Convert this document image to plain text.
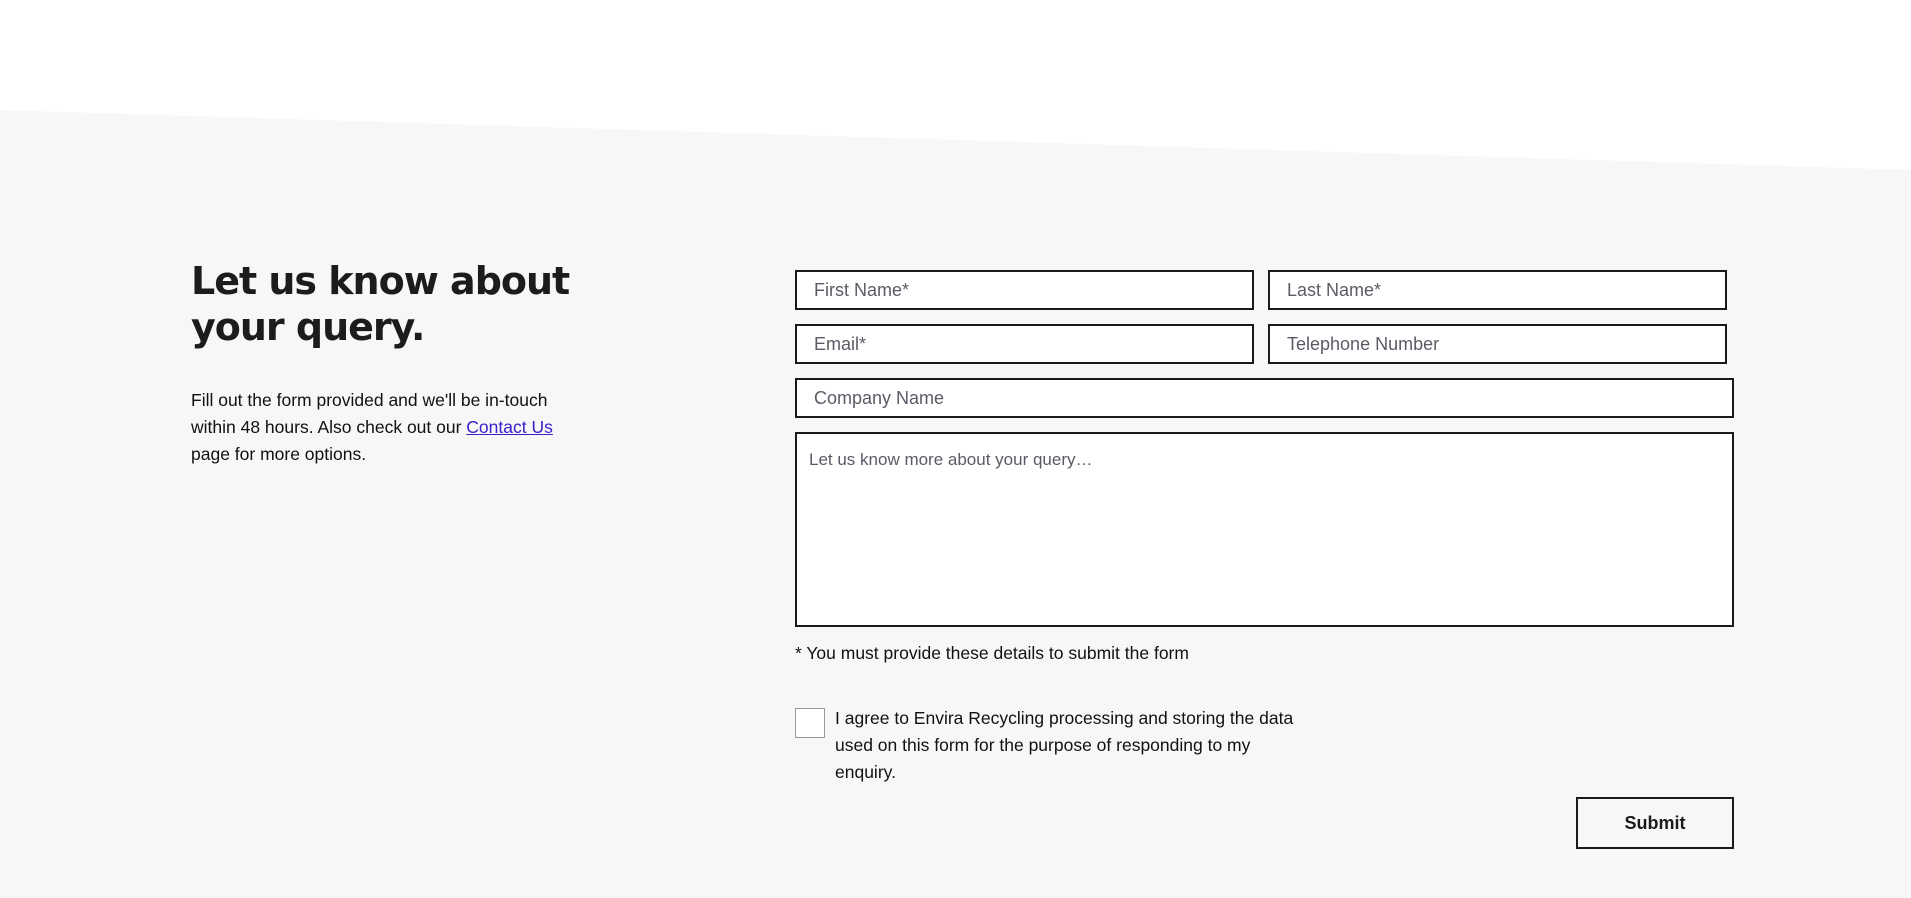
Let us know about
your query.

Fill out the form provided and we'll be in-touch within 48 hours. Also check out our Contact Us page for more options.

First Name*
Last Name*
Email*
Telephone Number
Company Name
Let us know more about your query…
* You must provide these details to submit the form
I agree to Envira Recycling processing and storing the data used on this form for the purpose of responding to my enquiry.
Submit
